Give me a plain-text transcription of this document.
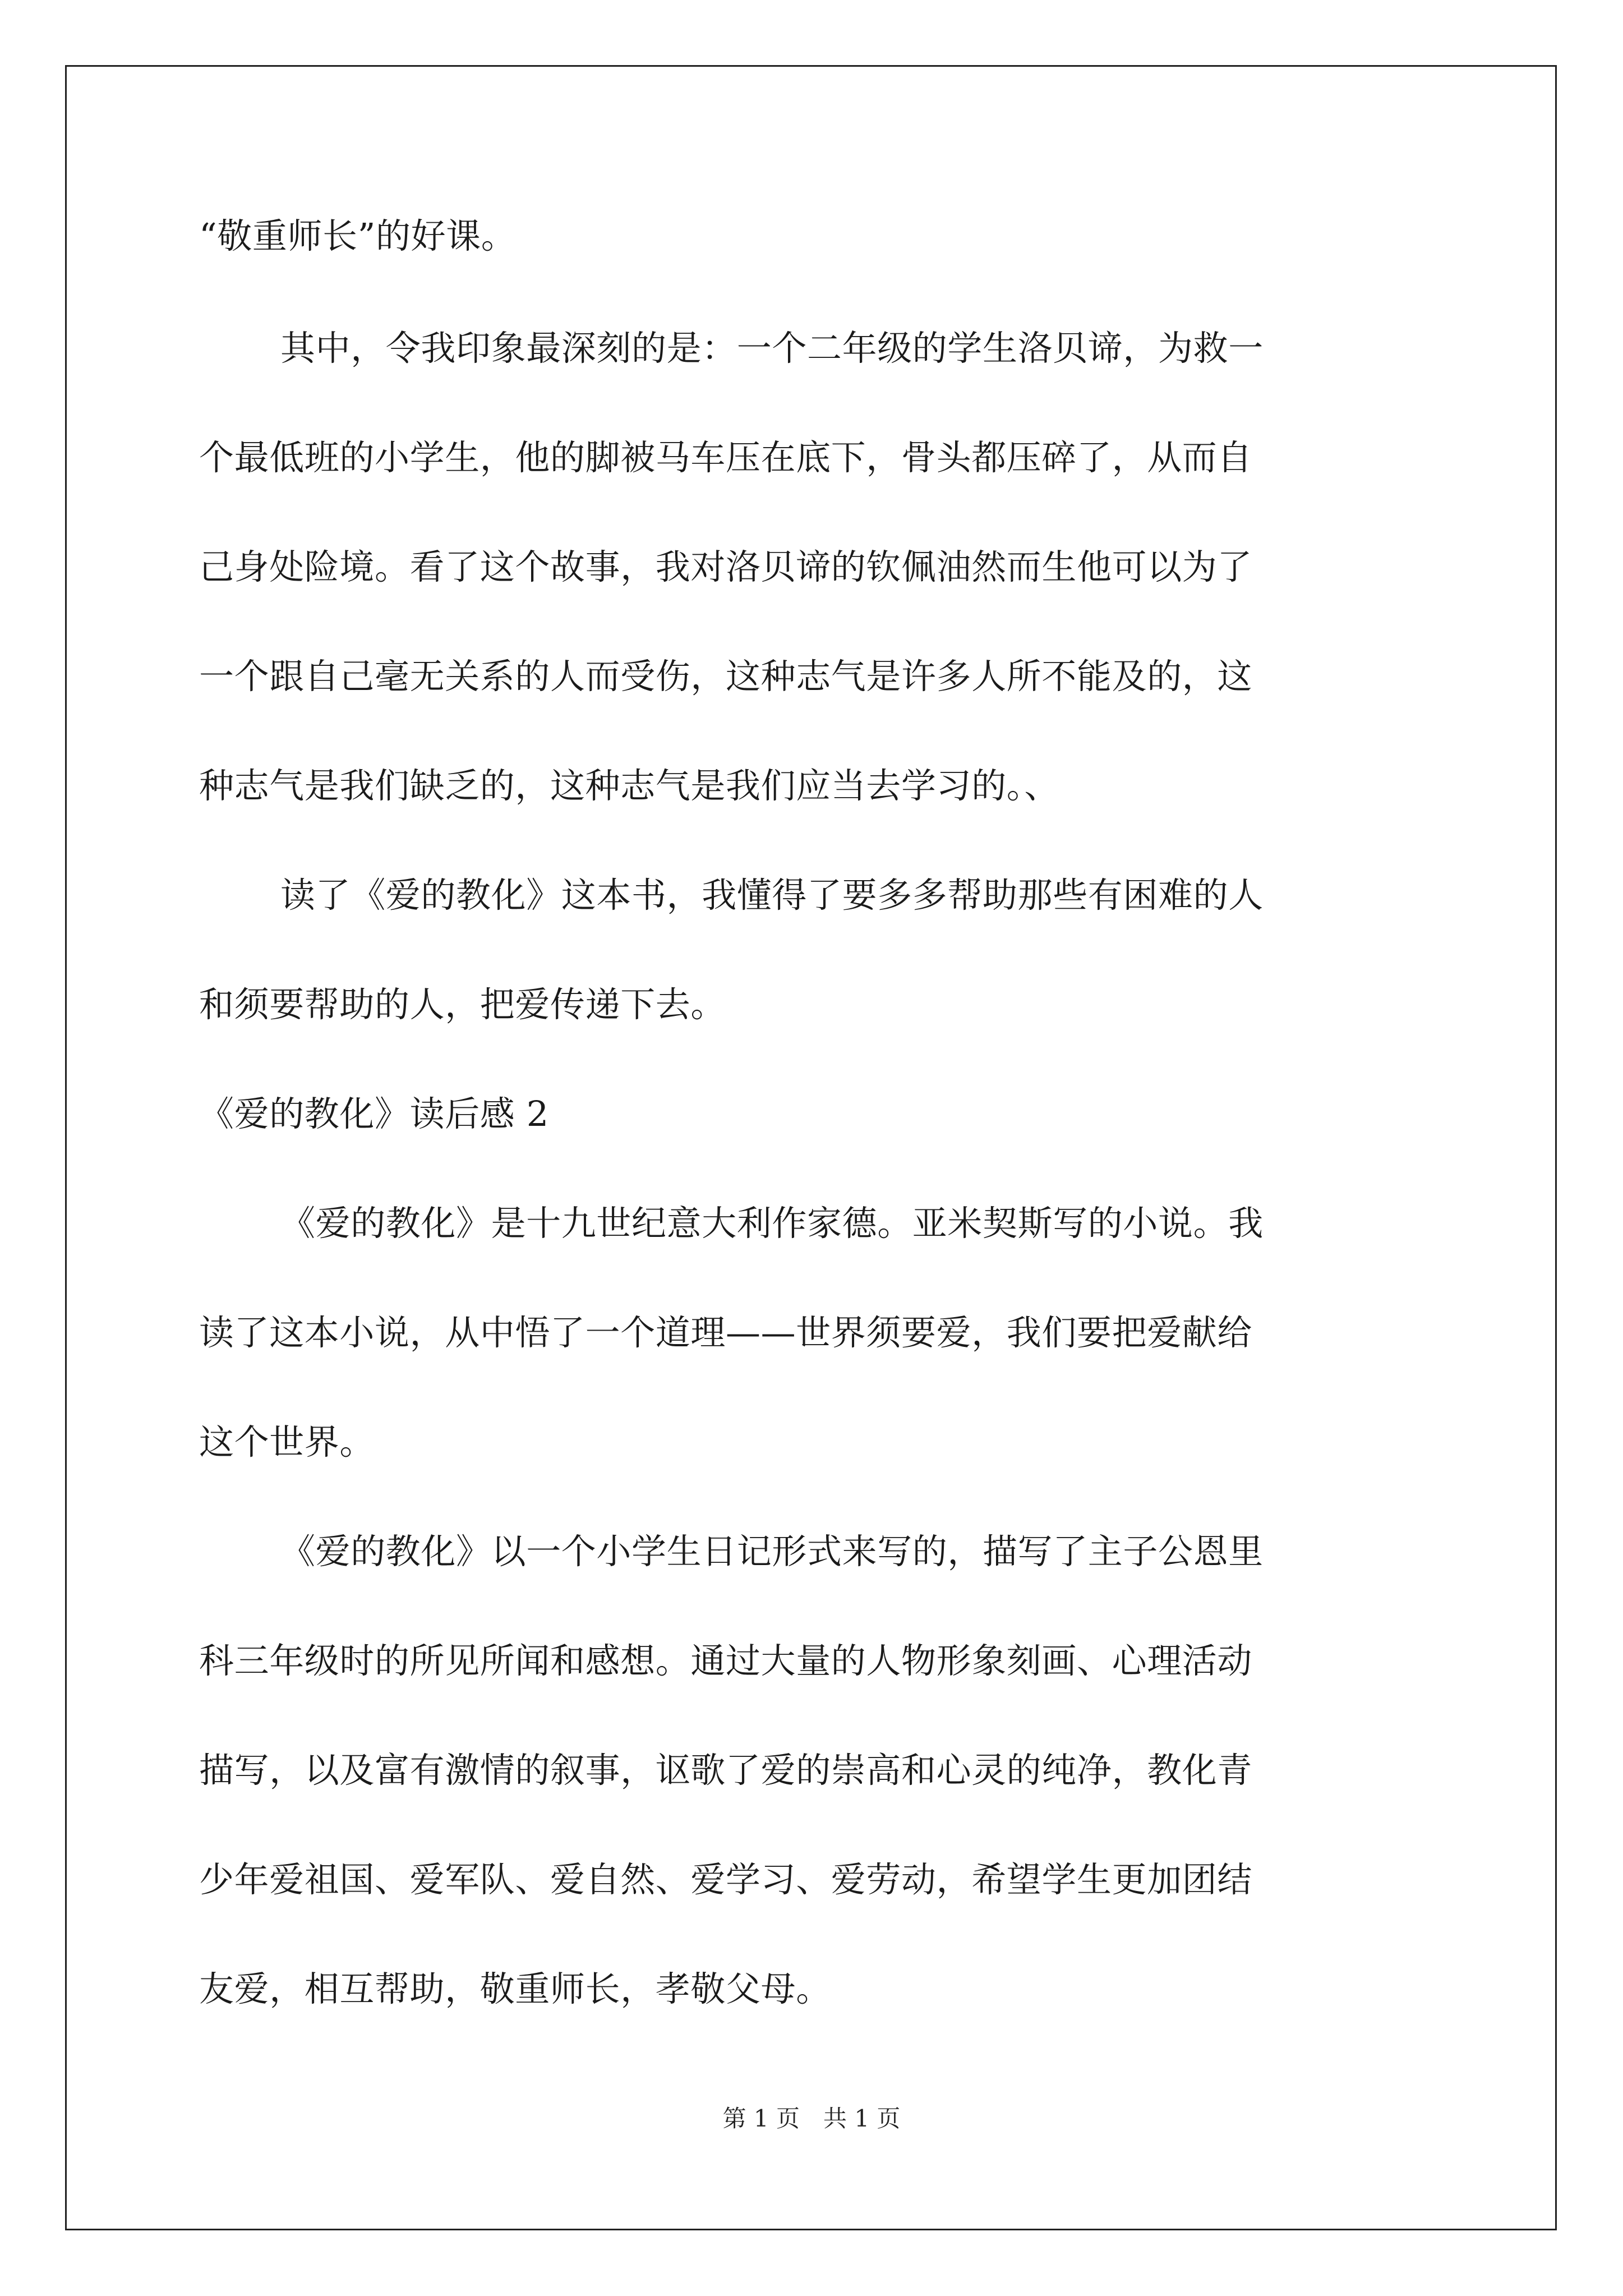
“敬重师长”的好课。
其中，令我印象最深刻的是：一个二年级的学生洛贝谛，为救一
个最低班的小学生，他的脚被马车压在底下，骨头都压碎了，从而自
己身处险境。看了这个故事，我对洛贝谛的钦佩油然而生他可以为了
一个跟自己毫无关系的人而受伤，这种志气是许多人所不能及的，这
种志气是我们缺乏的，这种志气是我们应当去学习的。、
读了《爱的教化》这本书，我懂得了要多多帮助那些有困难的人
和须要帮助的人，把爱传递下去。
《爱的教化》读后感 2
《爱的教化》是十九世纪意大利作家德。亚米契斯写的小说。我
读了这本小说，从中悟了一个道理——世界须要爱，我们要把爱献给
这个世界。
《爱的教化》以一个小学生日记形式来写的，描写了主子公恩里
科三年级时的所见所闻和感想。通过大量的人物形象刻画、心理活动
描写，以及富有激情的叙事，讴歌了爱的崇高和心灵的纯净，教化青
少年爱祖国、爱军队、爱自然、爱学习、爱劳动，希望学生更加团结
友爱，相互帮助，敬重师长，孝敬父母。
第 1 页　共 1 页
